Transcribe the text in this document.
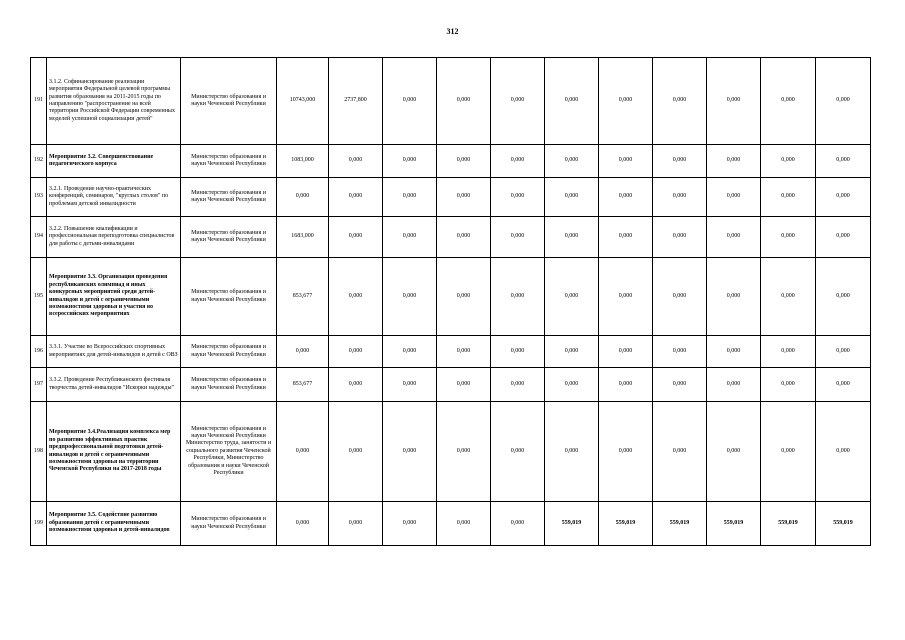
312
191	3.1.2. Софинансирование реализации мероприятия Федеральной целевой программы развития образования на 2011-2015 годы по направлению "распространение на всей территории Российской Федерации современных моделей успешной социализации детей"	Министерство образования и науки Чеченской Республики	10743,000	2737,800	0,000	0,000	0,000	0,000	0,000	0,000	0,000	0,000	0,000	
192	Мероприятие 3.2. Совершенствование педагогического корпуса	Министерство образования и науки Чеченской Республики	1083,000	0,000	0,000	0,000	0,000	0,000	0,000	0,000	0,000	0,000	0,000	
193	3.2.1. Проведение научно-практических конференций, семинаров, "круглых столов" по проблемам детской инвалидности	Министерство образования и науки Чеченской Республики	0,000	0,000	0,000	0,000	0,000	0,000	0,000	0,000	0,000	0,000	0,000	
194	3.2.2. Повышение квалификации и профессиональная переподготовка специалистов для работы с детьми-инвалидами	Министерство образования и науки Чеченской Республики	1683,000	0,000	0,000	0,000	0,000	0,000	0,000	0,000	0,000	0,000	0,000	
195	Мероприятие 3.3. Организация проведения республиканских олимпиад и иных конкурсных мероприятий среди детей-инвалидов и детей с ограниченными возможностями здоровья и участия во всероссийских мероприятиях	Министерство образования и науки Чеченской Республики	853,677	0,000	0,000	0,000	0,000	0,000	0,000	0,000	0,000	0,000	0,000	
196	3.3.1. Участие во Всероссийских спортивных мероприятиях для детей-инвалидов и детей с ОВЗ	Министерство образования и науки Чеченской Республики	0,000	0,000	0,000	0,000	0,000	0,000	0,000	0,000	0,000	0,000	0,000	
197	3.3.2. Проведение Республиканского фестиваля творчества детей-инвалидов "Искорки надежды"	Министерство образования и науки Чеченской Республики	853,677	0,000	0,000	0,000	0,000	0,000	0,000	0,000	0,000	0,000	0,000	
198	Мероприятие 3.4.Реализация комплекса мер по развитию эффективных практик предпрофессиональной подготовки детей-инвалидов и детей с ограниченными возможностями здоровья на территории Чеченской Республики на 2017-2018 годы	Министерство образования и науки Чеченской Республики Министерство труда, занятости и социального развития Чеченской Республики, Министерство образования и науки Чеченской Республики	0,000	0,000	0,000	0,000	0,000	0,000	0,000	0,000	0,000	0,000	0,000	
199	Мероприятие 3.5. Содействие развитию образования детей с ограниченными возможностями здоровья и детей-инвалидов	Министерство образования и науки Чеченской Республики	0,000	0,000	0,000	0,000	0,000	559,019	559,019	559,019	559,019	559,019	559,019	
